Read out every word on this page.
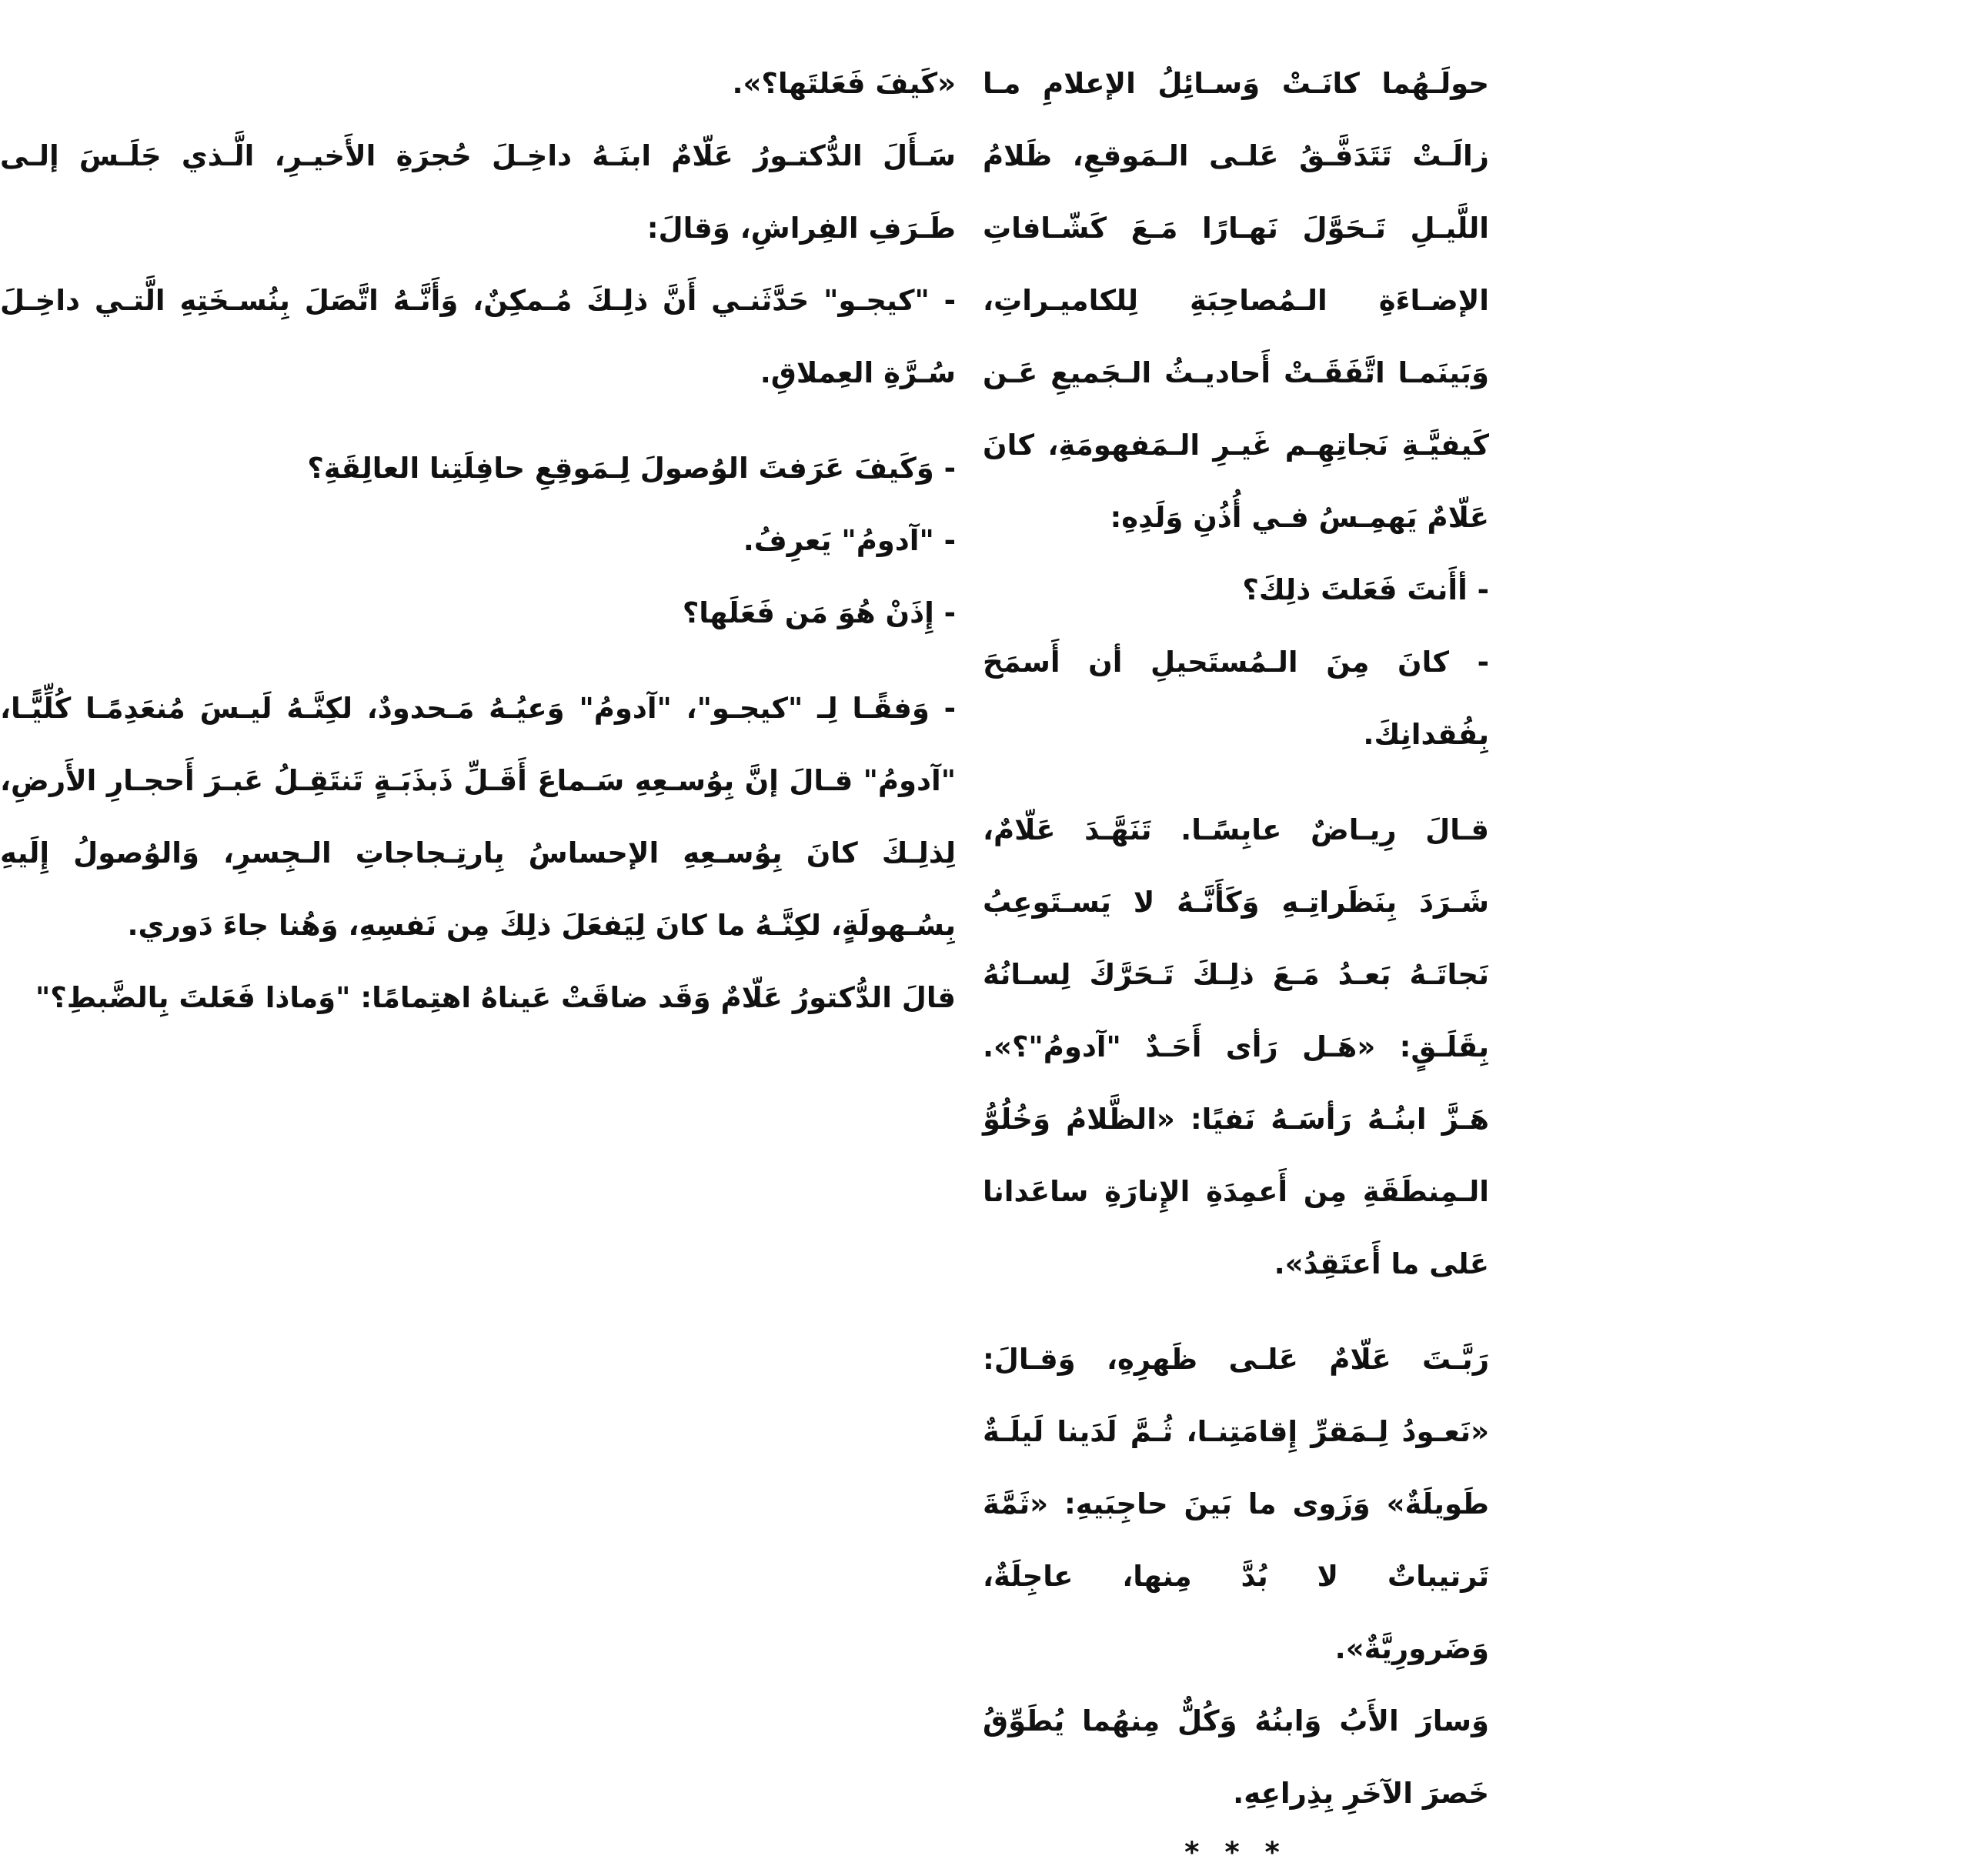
حولَـهُما كانَـتْ وَسـائِلُ الإعلامِ مـا زالَـتْ تَتَدَفَّـقُ عَلـى الـمَوقعِ، ظَلامُ اللَّيـلِ تَـحَوَّلَ نَهـارًا مَـعَ كَشّـافاتِ الإضـاءَةِ الـمُصاحِبَةِ لِلكاميـراتِ، وَبَينَمـا اتَّفَقَـتْ أَحاديـثُ الـجَميعِ عَـن كَيفيَّـةِ نَجاتِهِـم غَيـرِ الـمَفهومَةِ، كانَ عَلّامٌ يَهمِـسُ فـي أُذُنِ وَلَدِهِ:

- أأَنتَ فَعَلتَ ذلِكَ؟

- كانَ مِنَ الـمُستَحيلِ أن أَسمَحَ بِفُقدانِكَ.

قـالَ رِيـاضٌ عابِسًـا. تَنَهَّـدَ عَلّامٌ، شَـرَدَ بِنَظَراتِـهِ وَكَأَنَّـهُ لا يَسـتَوعِبُ نَجاتَـهُ بَعـدُ مَـعَ ذلِـكَ تَـحَرَّكَ لِسـانُهُ بِقَلَـقٍ: «هَـل رَأى أَحَـدٌ "آدومُ"؟». هَـزَّ ابنُـهُ رَأسَـهُ نَفيًا: «الظَّلامُ وَخُلُوُّ الـمِنطَقَةِ مِن أَعمِدَةِ الإِنارَةِ ساعَدانا عَلى ما أَعتَقِدُ».

رَبَّـتَ عَلّامٌ عَلـى ظَهرِهِ، وَقـالَ: «نَعـودُ لِـمَقرِّ إِقامَتِنـا، ثُـمَّ لَدَينا لَيلَـةٌ طَويلَةٌ» وَزَوى ما بَينَ حاجِبَيهِ: «ثَمَّةَ تَرتيباتٌ لا بُدَّ مِنها، عاجِلَةٌ، وَضَرورِيَّةٌ».

وَسارَ الأَبُ وَابنُهُ وَكُلٌّ مِنهُما يُطَوِّقُ خَصرَ الآخَرِ بِذِراعِهِ.

* * *

«كَيفَ فَعَلتَها؟».

سَـأَلَ الدُّكتـورُ عَلّامٌ ابنَـهُ داخِـلَ حُجرَةِ الأَخيـرِ، الَّـذي جَلَـسَ إلـى طَـرَفِ الفِراشِ، وَقالَ:

- "كيجـو" حَدَّثَنـي أَنَّ ذلِـكَ مُـمكِنٌ، وَأَنَّـهُ اتَّصَلَ بِنُسـخَتِهِ الَّتـي داخِـلَ سُـرَّةِ العِملاقِ.

- وَكَيفَ عَرَفتَ الوُصولَ لِـمَوقِعِ حافِلَتِنا العالِقَةِ؟

- "آدومُ" يَعرِفُ.

- إِذَنْ هُوَ مَن فَعَلَها؟

- وَفقًـا لِـ "كيجـو"، "آدومُ" وَعيُـهُ مَـحدودٌ، لكِنَّـهُ لَيـسَ مُنعَدِمًـا كُلِّيًّـا، "آدومُ" قـالَ إنَّ بِوُسـعِهِ سَـماعَ أَقَـلِّ ذَبذَبَـةٍ تَنتَقِـلُ عَبـرَ أَحجـارِ الأَرضِ، لِذلِـكَ كانَ بِوُسـعِهِ الإحساسُ بِارتِـجاجاتِ الـجِسرِ، وَالوُصولُ إِلَيهِ بِسُـهولَةٍ، لكِنَّـهُ ما كانَ لِيَفعَلَ ذلِكَ مِن نَفسِهِ، وَهُنا جاءَ دَوري.

قالَ الدُّكتورُ عَلّامٌ وَقَد ضاقَتْ عَيناهُ اهتِمامًا: "وَماذا فَعَلتَ بِالضَّبطِ؟"
